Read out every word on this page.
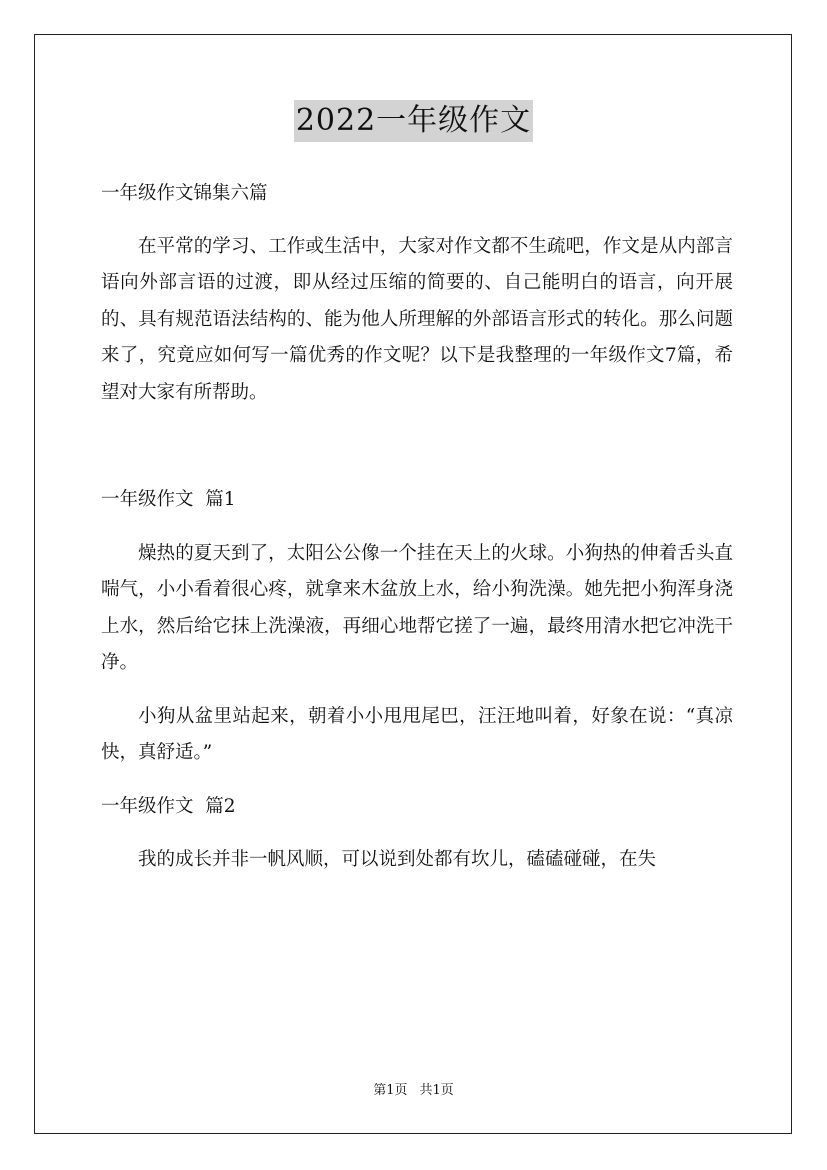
2022一年级作文

一年级作文锦集六篇

在平常的学习、工作或生活中，大家对作文都不生疏吧，作文是从内部言语向外部言语的过渡，即从经过压缩的简要的、自己能明白的语言，向开展的、具有规范语法结构的、能为他人所理解的外部语言形式的转化。那么问题来了，究竟应如何写一篇优秀的作文呢？以下是我整理的一年级作文7篇，希望对大家有所帮助。

一年级作文  篇1

燥热的夏天到了，太阳公公像一个挂在天上的火球。小狗热的伸着舌头直喘气，小小看着很心疼，就拿来木盆放上水，给小狗洗澡。她先把小狗浑身浇上水，然后给它抹上洗澡液，再细心地帮它搓了一遍，最终用清水把它冲洗干净。

小狗从盆里站起来，朝着小小甩甩尾巴，汪汪地叫着，好象在说：“真凉快，真舒适。”

一年级作文  篇2

我的成长并非一帆风顺，可以说到处都有坎儿，磕磕碰碰，在失

第1页 共1页
